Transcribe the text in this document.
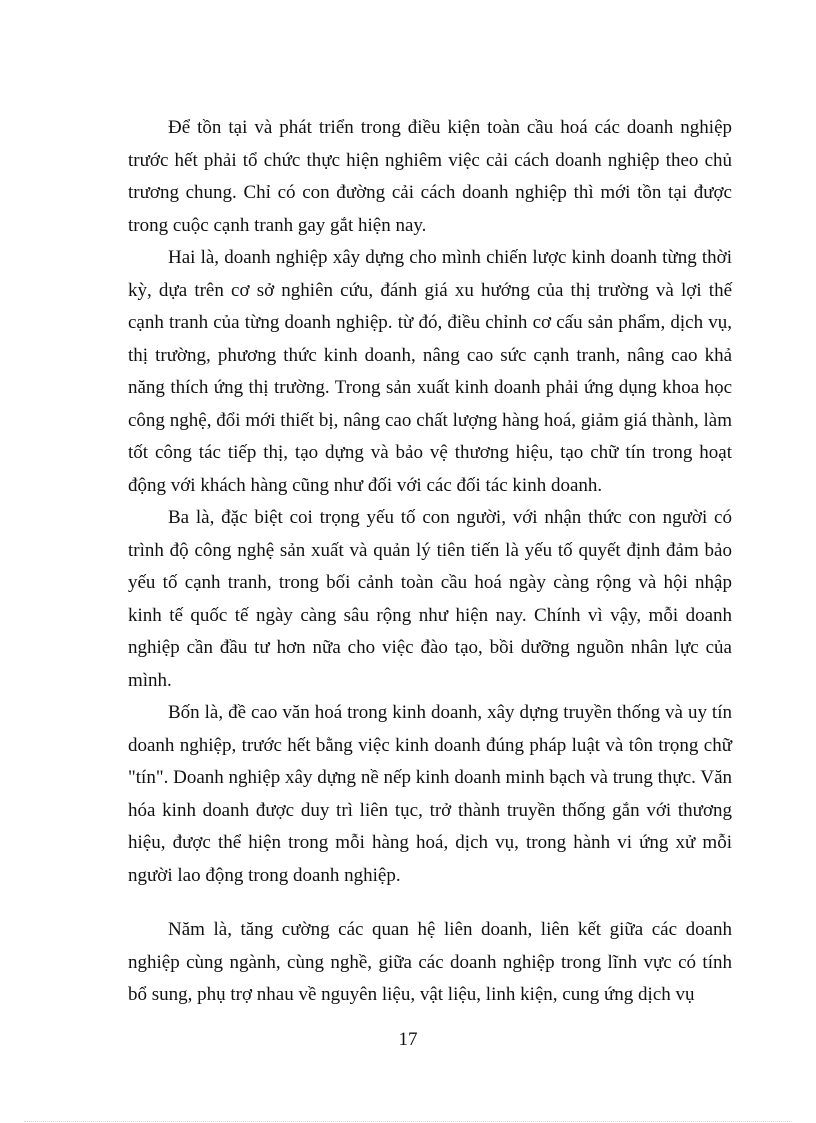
Để tồn tại và phát triển trong điều kiện toàn cầu hoá các doanh nghiệp trước hết phải tổ chức thực hiện nghiêm việc cải cách doanh nghiệp theo chủ trương chung. Chỉ có con đường cải cách doanh nghiệp thì mới tồn tại được trong cuộc cạnh tranh gay gắt hiện nay.

Hai là, doanh nghiệp xây dựng cho mình chiến lược kinh doanh từng thời kỳ, dựa trên cơ sở nghiên cứu, đánh giá xu hướng của thị trường và lợi thế cạnh tranh của từng doanh nghiệp. từ đó, điều chỉnh cơ cấu sản phẩm, dịch vụ, thị trường, phương thức kinh doanh, nâng cao sức cạnh tranh, nâng cao khả năng thích ứng thị trường. Trong sản xuất kinh doanh phải ứng dụng khoa học công nghệ, đổi mới thiết bị, nâng cao chất lượng hàng hoá, giảm giá thành, làm tốt công tác tiếp thị, tạo dựng và bảo vệ thương hiệu, tạo chữ tín trong hoạt động với khách hàng cũng như đối với các đối tác kinh doanh.

Ba là, đặc biệt coi trọng yếu tố con người, với nhận thức con người có trình độ công nghệ sản xuất và quản lý tiên tiến là yếu tố quyết định đảm bảo yếu tố cạnh tranh, trong bối cảnh toàn cầu hoá ngày càng rộng và hội nhập kinh tế quốc tế ngày càng sâu rộng như hiện nay. Chính vì vậy, mỗi doanh nghiệp cần đầu tư hơn nữa cho việc đào tạo, bồi dưỡng nguồn nhân lực của mình.

Bốn là, đề cao văn hoá trong kinh doanh, xây dựng truyền thống và uy tín doanh nghiệp, trước hết bằng việc kinh doanh đúng pháp luật và tôn trọng chữ "tín". Doanh nghiệp xây dựng nề nếp kinh doanh minh bạch và trung thực. Văn hóa kinh doanh được duy trì liên tục, trở thành truyền thống gắn với thương hiệu, được thể hiện trong mỗi hàng hoá, dịch vụ, trong hành vi ứng xử mỗi người lao động trong doanh nghiệp.

Năm là, tăng cường các quan hệ liên doanh, liên kết giữa các doanh nghiệp cùng ngành, cùng nghề, giữa các doanh nghiệp trong lĩnh vực có tính bổ sung, phụ trợ nhau về nguyên liệu, vật liệu, linh kiện, cung ứng dịch vụ

17
